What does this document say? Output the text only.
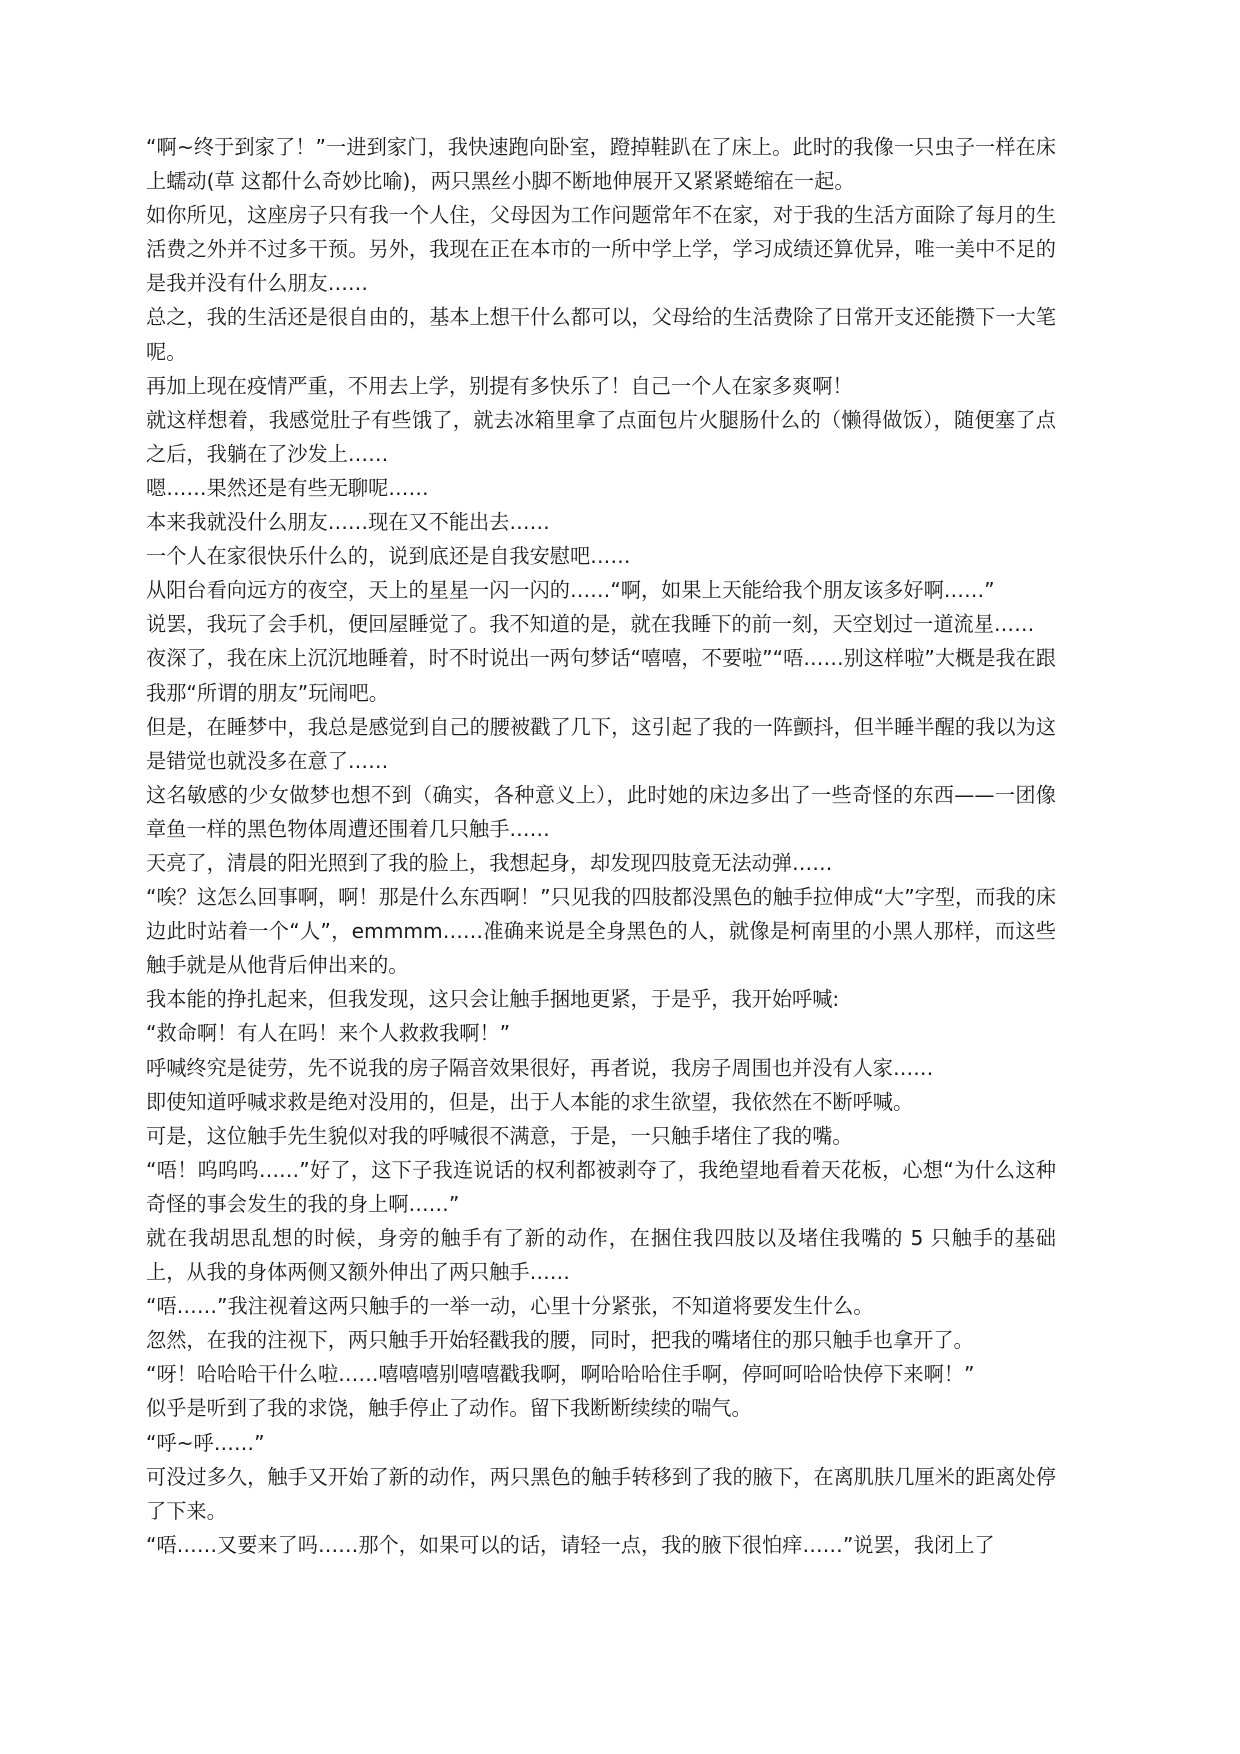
“啊~终于到家了！”一进到家门，我快速跑向卧室，蹬掉鞋趴在了床上。此时的我像一只虫子一样在床上蠕动(草 这都什么奇妙比喻)，两只黑丝小脚不断地伸展开又紧紧蜷缩在一起。

如你所见，这座房子只有我一个人住，父母因为工作问题常年不在家，对于我的生活方面除了每月的生活费之外并不过多干预。另外，我现在正在本市的一所中学上学，学习成绩还算优异，唯一美中不足的是我并没有什么朋友……

总之，我的生活还是很自由的，基本上想干什么都可以，父母给的生活费除了日常开支还能攒下一大笔呢。

再加上现在疫情严重，不用去上学，别提有多快乐了！自己一个人在家多爽啊！

就这样想着，我感觉肚子有些饿了，就去冰箱里拿了点面包片火腿肠什么的（懒得做饭），随便塞了点之后，我躺在了沙发上……

嗯……果然还是有些无聊呢……

本来我就没什么朋友……现在又不能出去……

一个人在家很快乐什么的，说到底还是自我安慰吧……

从阳台看向远方的夜空，天上的星星一闪一闪的……“啊，如果上天能给我个朋友该多好啊……”

说罢，我玩了会手机，便回屋睡觉了。我不知道的是，就在我睡下的前一刻，天空划过一道流星……

夜深了，我在床上沉沉地睡着，时不时说出一两句梦话“嘻嘻，不要啦”“唔……别这样啦”大概是我在跟我那“所谓的朋友”玩闹吧。

但是，在睡梦中，我总是感觉到自己的腰被戳了几下，这引起了我的一阵颤抖，但半睡半醒的我以为这是错觉也就没多在意了……

这名敏感的少女做梦也想不到（确实，各种意义上），此时她的床边多出了一些奇怪的东西——一团像章鱼一样的黑色物体周遭还围着几只触手……

天亮了，清晨的阳光照到了我的脸上，我想起身，却发现四肢竟无法动弹……

“唉？这怎么回事啊，啊！那是什么东西啊！”只见我的四肢都没黑色的触手拉伸成“大”字型，而我的床边此时站着一个“人”，emmmm……准确来说是全身黑色的人，就像是柯南里的小黑人那样，而这些触手就是从他背后伸出来的。

我本能的挣扎起来，但我发现，这只会让触手捆地更紧，于是乎，我开始呼喊:

“救命啊！有人在吗！来个人救救我啊！”

呼喊终究是徒劳，先不说我的房子隔音效果很好，再者说，我房子周围也并没有人家……

即使知道呼喊求救是绝对没用的，但是，出于人本能的求生欲望，我依然在不断呼喊。

可是，这位触手先生貌似对我的呼喊很不满意，于是，一只触手堵住了我的嘴。

“唔！呜呜呜……”好了，这下子我连说话的权利都被剥夺了，我绝望地看着天花板，心想“为什么这种奇怪的事会发生的我的身上啊……”

就在我胡思乱想的时候，身旁的触手有了新的动作，在捆住我四肢以及堵住我嘴的 5 只触手的基础上，从我的身体两侧又额外伸出了两只触手……

“唔……”我注视着这两只触手的一举一动，心里十分紧张，不知道将要发生什么。

忽然，在我的注视下，两只触手开始轻戳我的腰，同时，把我的嘴堵住的那只触手也拿开了。

“呀！哈哈哈干什么啦……嘻嘻嘻别嘻嘻戳我啊，啊哈哈哈住手啊，停呵呵哈哈快停下来啊！”

似乎是听到了我的求饶，触手停止了动作。留下我断断续续的喘气。

“呼~呼……”

可没过多久，触手又开始了新的动作，两只黑色的触手转移到了我的腋下，在离肌肤几厘米的距离处停了下来。

“唔……又要来了吗……那个，如果可以的话，请轻一点，我的腋下很怕痒……”说罢，我闭上了
